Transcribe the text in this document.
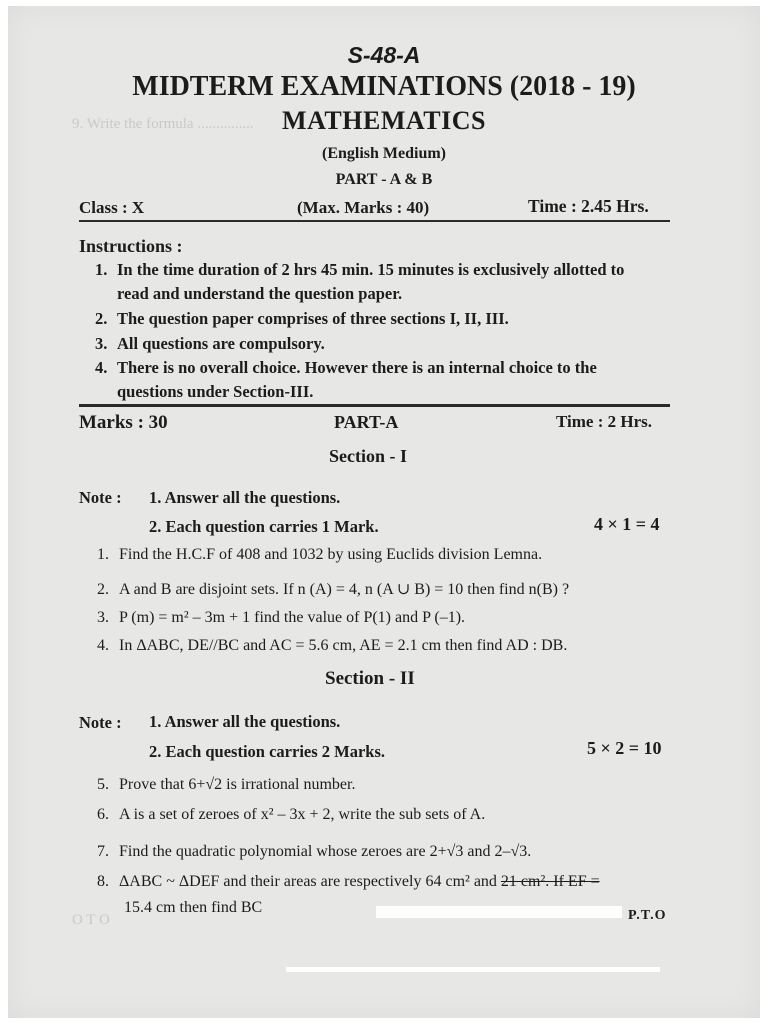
9. Write the formula ...............
O T O
S-48-A
MIDTERM EXAMINATIONS (2018 - 19)
MATHEMATICS
(English Medium)
PART - A & B
Class : X	(Max. Marks : 40)	Time : 2.45 Hrs.
Instructions :
1. In the time duration of 2 hrs 45 min. 15 minutes is exclusively allotted to
read and understand the question paper.
2. The question paper comprises of three sections I, II, III.
3. All questions are compulsory.
4. There is no overall choice. However there is an internal choice to the
questions under Section-III.
Marks : 30	PART-A	Time : 2 Hrs.
Section - I
Note : 1. Answer all the questions.
2. Each question carries 1 Mark.	4 × 1 = 4
1. Find the H.C.F of 408 and 1032 by using Euclids division Lemna.
2. A and B are disjoint sets. If n (A) = 4, n (A ∪ B) = 10 then find n(B) ?
3. P (m) = m² – 3m + 1 find the value of P(1) and P (–1).
4. In ΔABC, DE//BC and AC = 5.6 cm, AE = 2.1 cm then find AD : DB.
Section - II
Note : 1. Answer all the questions.
2. Each question carries 2 Marks.	5 × 2 = 10
5. Prove that 6+√2 is irrational number.
6. A is a set of zeroes of x² – 3x + 2, write the sub sets of A.
7. Find the quadratic polynomial whose zeroes are 2+√3 and 2–√3.
8. ΔABC ~ ΔDEF and their areas are respectively 64 cm² and 21 cm². If EF =
15.4 cm then find BC	P.T.O
